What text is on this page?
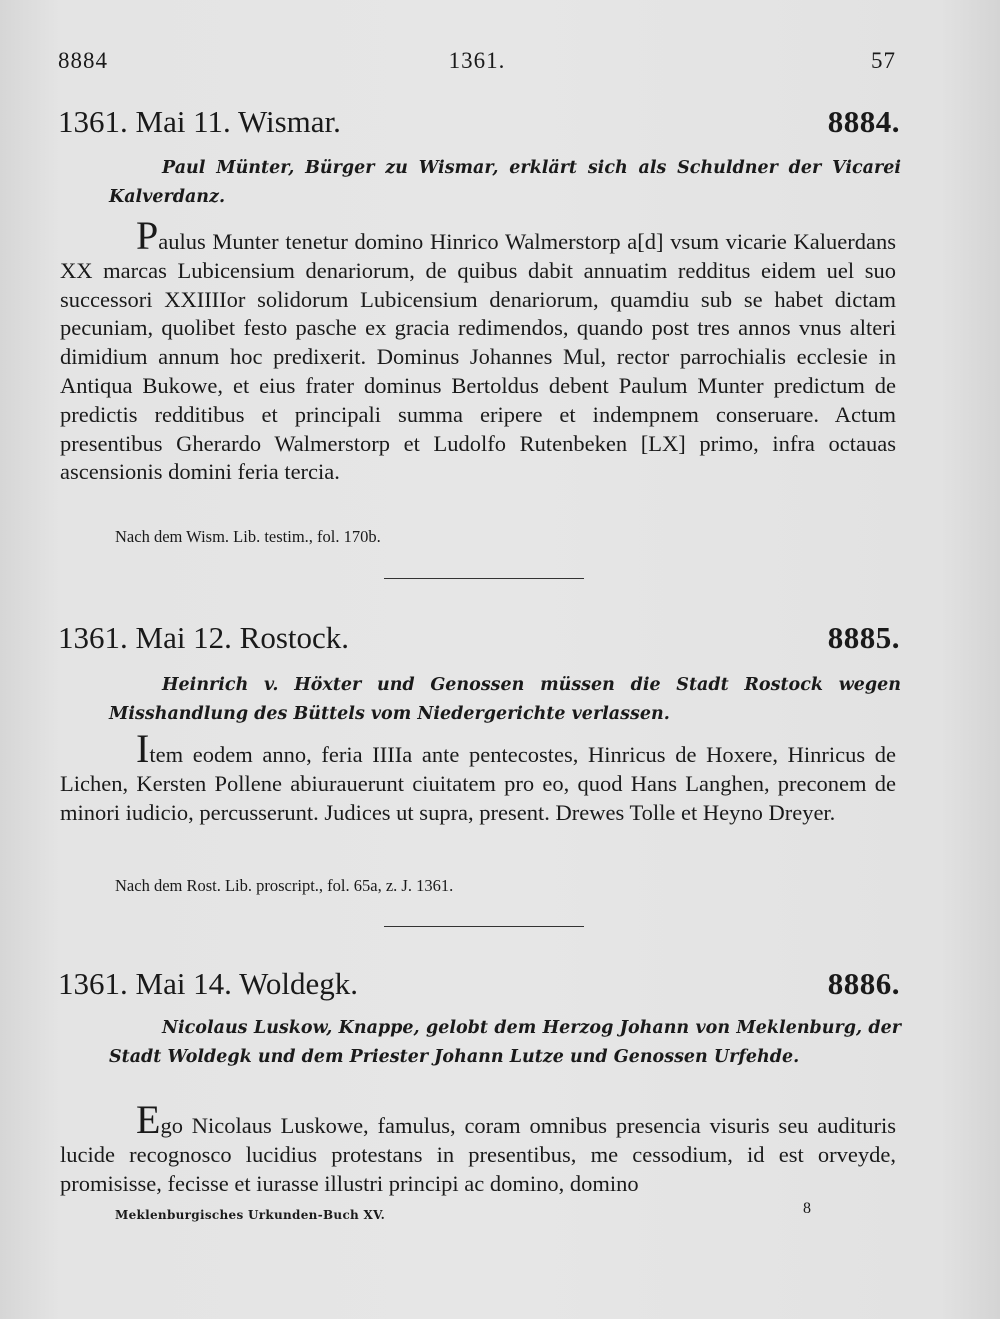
8884	1361.	57
1361. Mai 11. Wismar.	8884.
Paul Münter, Bürger zu Wismar, erklärt sich als Schuldner der Vicarei Kalverdanz.
Paulus Munter tenetur domino Hinrico Walmerstorp a[d] vsum vicarie Kaluerdans XX marcas Lubicensium denariorum, de quibus dabit annuatim redditus eidem uel suo successori XXIIIIor solidorum Lubicensium denariorum, quamdiu sub se habet dictam pecuniam, quolibet festo pasche ex gracia redimendos, quando post tres annos vnus alteri dimidium annum hoc predixerit. Dominus Johannes Mul, rector parrochialis ecclesie in Antiqua Bukowe, et eius frater dominus Bertoldus debent Paulum Munter predictum de predictis redditibus et principali summa eripere et indempnem conseruare. Actum presentibus Gherardo Walmerstorp et Ludolfo Rutenbeken [LX] primo, infra octauas ascensionis domini feria tercia.
Nach dem Wism. Lib. testim., fol. 170b.
1361. Mai 12. Rostock.	8885.
Heinrich v. Höxter und Genossen müssen die Stadt Rostock wegen Misshandlung des Büttels vom Niedergerichte verlassen.
Item eodem anno, feria IIIIa ante pentecostes, Hinricus de Hoxere, Hinricus de Lichen, Kersten Pollene abiurauerunt ciuitatem pro eo, quod Hans Langhen, preconem de minori iudicio, percusserunt. Judices ut supra, present. Drewes Tolle et Heyno Dreyer.
Nach dem Rost. Lib. proscript., fol. 65a, z. J. 1361.
1361. Mai 14. Woldegk.	8886.
Nicolaus Luskow, Knappe, gelobt dem Herzog Johann von Meklenburg, der Stadt Woldegk und dem Priester Johann Lutze und Genossen Urfehde.
Ego Nicolaus Luskowe, famulus, coram omnibus presencia visuris seu audituris lucide recognosco lucidius protestans in presentibus, me cessodium, id est orveyde, promisisse, fecisse et iurasse illustri principi ac domino, domino
Meklenburgisches Urkunden-Buch XV.	8
